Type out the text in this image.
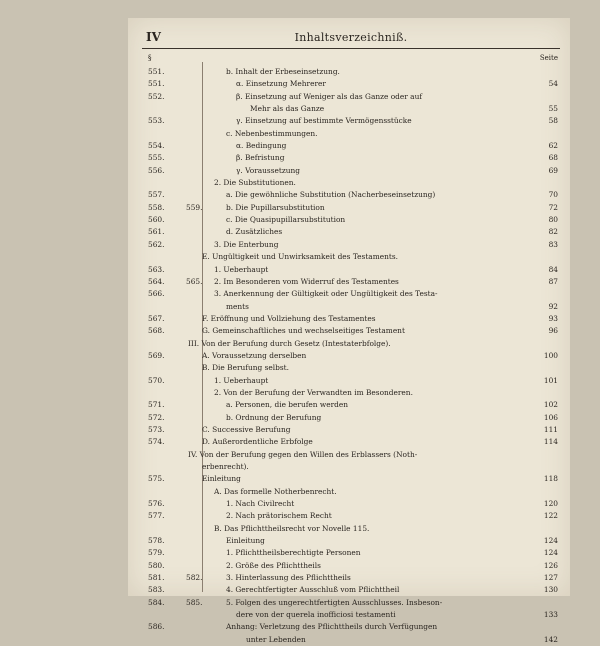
IV	Inhaltsverzeichniß.
§	Seite
551.	b. Inhalt der Erbeseinsetzung.
551.	α. Einsetzung Mehrerer	54
552.	β. Einsetzung auf Weniger als das Ganze oder auf
Mehr als das Ganze	55
553.	γ. Einsetzung auf bestimmte Vermögensstücke	58
c. Nebenbestimmungen.
554.	α. Bedingung	62
555.	β. Befristung	68
556.	γ. Voraussetzung	69
2. Die Substitutionen.
557.	a. Die gewöhnliche Substitution (Nacherbeseinsetzung)	70
558.	559.	b. Die Pupillarsubstitution	72
560.	c. Die Quasipupillarsubstitution	80
561.	d. Zusätzliches	82
562.	3. Die Enterbung	83
E. Ungültigkeit und Unwirksamkeit des Testaments.
563.	1. Ueberhaupt	84
564.	565.	2. Im Besonderen vom Widerruf des Testamentes	87
566.	3. Anerkennung der Gültigkeit oder Ungültigkeit des Testa-
ments	92
567.	F. Eröffnung und Vollziehung des Testamentes	93
568.	G. Gemeinschaftliches und wechselseitiges Testament	96
III. Von der Berufung durch Gesetz (Intestaterbfolge).
569.	A. Voraussetzung derselben	100
B. Die Berufung selbst.
570.	1. Ueberhaupt	101
2. Von der Berufung der Verwandten im Besonderen.
571.	a. Personen, die berufen werden	102
572.	b. Ordnung der Berufung	106
573.	C. Successive Berufung	111
574.	D. Außerordentliche Erbfolge	114
IV. Von der Berufung gegen den Willen des Erblassers (Noth-
erbenrecht).
575.	Einleitung	118
A. Das formelle Notherbenrecht.
576.	1. Nach Civilrecht	120
577.	2. Nach prätorischem Recht	122
B. Das Pflichttheilsrecht vor Novelle 115.
578.	Einleitung	124
579.	1. Pflichttheilsberechtigte Personen	124
580.	2. Größe des Pflichttheils	126
581.	582.	3. Hinterlassung des Pflichttheils	127
583.	4. Gerechtfertigter Ausschluß vom Pflichttheil	130
584.	585.	5. Folgen des ungerechtfertigten Ausschlusses. Insbeson-
dere von der querela inofficiosi testamenti	133
586.	Anhang: Verletzung des Pflichttheils durch Verfügungen
unter Lebenden	142
